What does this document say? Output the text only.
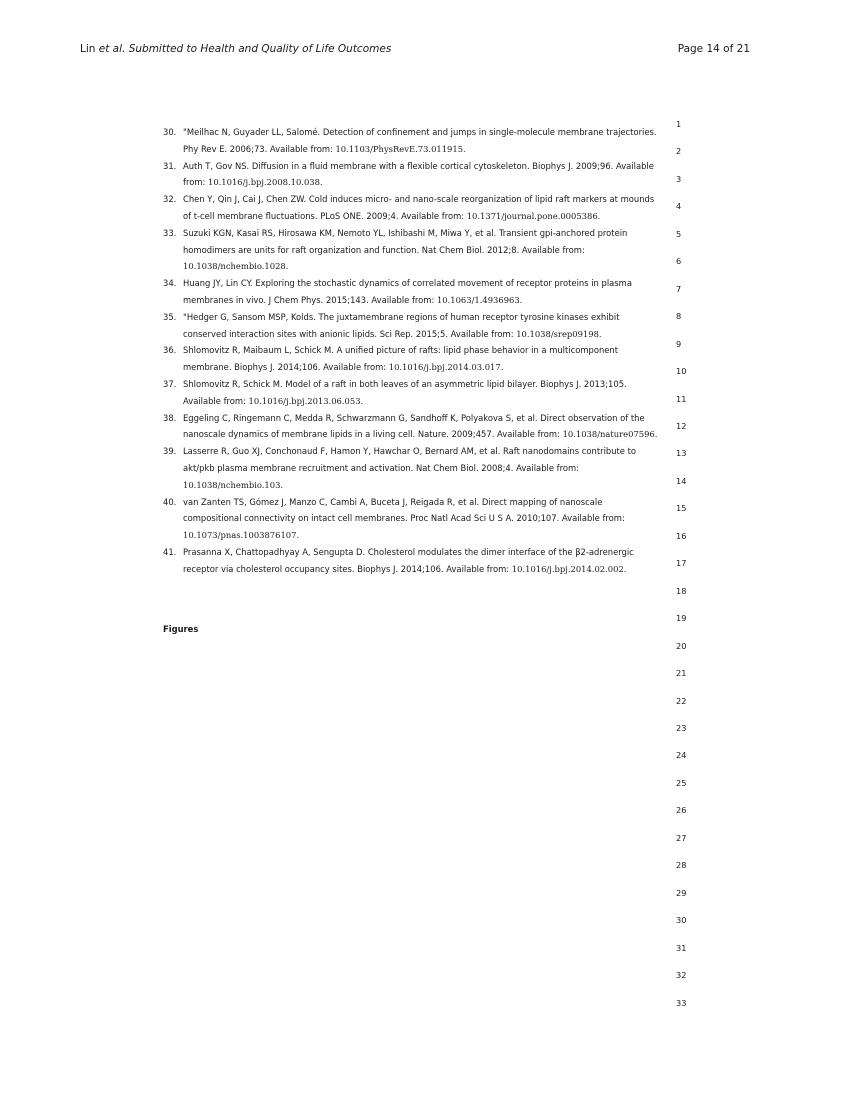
Lin et al. Submitted to Health and Quality of Life Outcomes	Page 14 of 21
30. "Meilhac N, Guyader LL, Salomé. Detection of confinement and jumps in single-molecule membrane trajectories. Phy Rev E. 2006;73. Available from: 10.1103/PhysRevE.73.011915.
31. Auth T, Gov NS. Diffusion in a fluid membrane with a flexible cortical cytoskeleton. Biophys J. 2009;96. Available from: 10.1016/j.bpj.2008.10.038.
32. Chen Y, Qin J, Cai J, Chen ZW. Cold induces micro- and nano-scale reorganization of lipid raft markers at mounds of t-cell membrane fluctuations. PLoS ONE. 2009;4. Available from: 10.1371/journal.pone.0005386.
33. Suzuki KGN, Kasai RS, Hirosawa KM, Nemoto YL, Ishibashi M, Miwa Y, et al. Transient gpi-anchored protein homodimers are units for raft organization and function. Nat Chem Biol. 2012;8. Available from: 10.1038/nchembio.1028.
34. Huang JY, Lin CY. Exploring the stochastic dynamics of correlated movement of receptor proteins in plasma membranes in vivo. J Chem Phys. 2015;143. Available from: 10.1063/1.4936963.
35. "Hedger G, Sansom MSP, Kolds. The juxtamembrane regions of human receptor tyrosine kinases exhibit conserved interaction sites with anionic lipids. Sci Rep. 2015;5. Available from: 10.1038/srep09198.
36. Shlomovitz R, Maibaum L, Schick M. A unified picture of rafts: lipid phase behavior in a multicomponent membrane. Biophys J. 2014;106. Available from: 10.1016/j.bpj.2014.03.017.
37. Shlomovitz R, Schick M. Model of a raft in both leaves of an asymmetric lipid bilayer. Biophys J. 2013;105. Available from: 10.1016/j.bpj.2013.06.053.
38. Eggeling C, Ringemann C, Medda R, Schwarzmann G, Sandhoff K, Polyakova S, et al. Direct observation of the nanoscale dynamics of membrane lipids in a living cell. Nature. 2009;457. Available from: 10.1038/nature07596.
39. Lasserre R, Guo XJ, Conchonaud F, Hamon Y, Hawchar O, Bernard AM, et al. Raft nanodomains contribute to akt/pkb plasma membrane recruitment and activation. Nat Chem Biol. 2008;4. Available from: 10.1038/nchembio.103.
40. van Zanten TS, Gómez J, Manzo C, Cambi A, Buceta J, Reigada R, et al. Direct mapping of nanoscale compositional connectivity on intact cell membranes. Proc Natl Acad Sci U S A. 2010;107. Available from: 10.1073/pnas.1003876107.
41. Prasanna X, Chattopadhyay A, Sengupta D. Cholesterol modulates the dimer interface of the β2-adrenergic receptor via cholesterol occupancy sites. Biophys J. 2014;106. Available from: 10.1016/j.bpj.2014.02.002.
Figures
1
2
3
4
5
6
7
8
9
10
11
12
13
14
15
16
17
18
19
20
21
22
23
24
25
26
27
28
29
30
31
32
33
